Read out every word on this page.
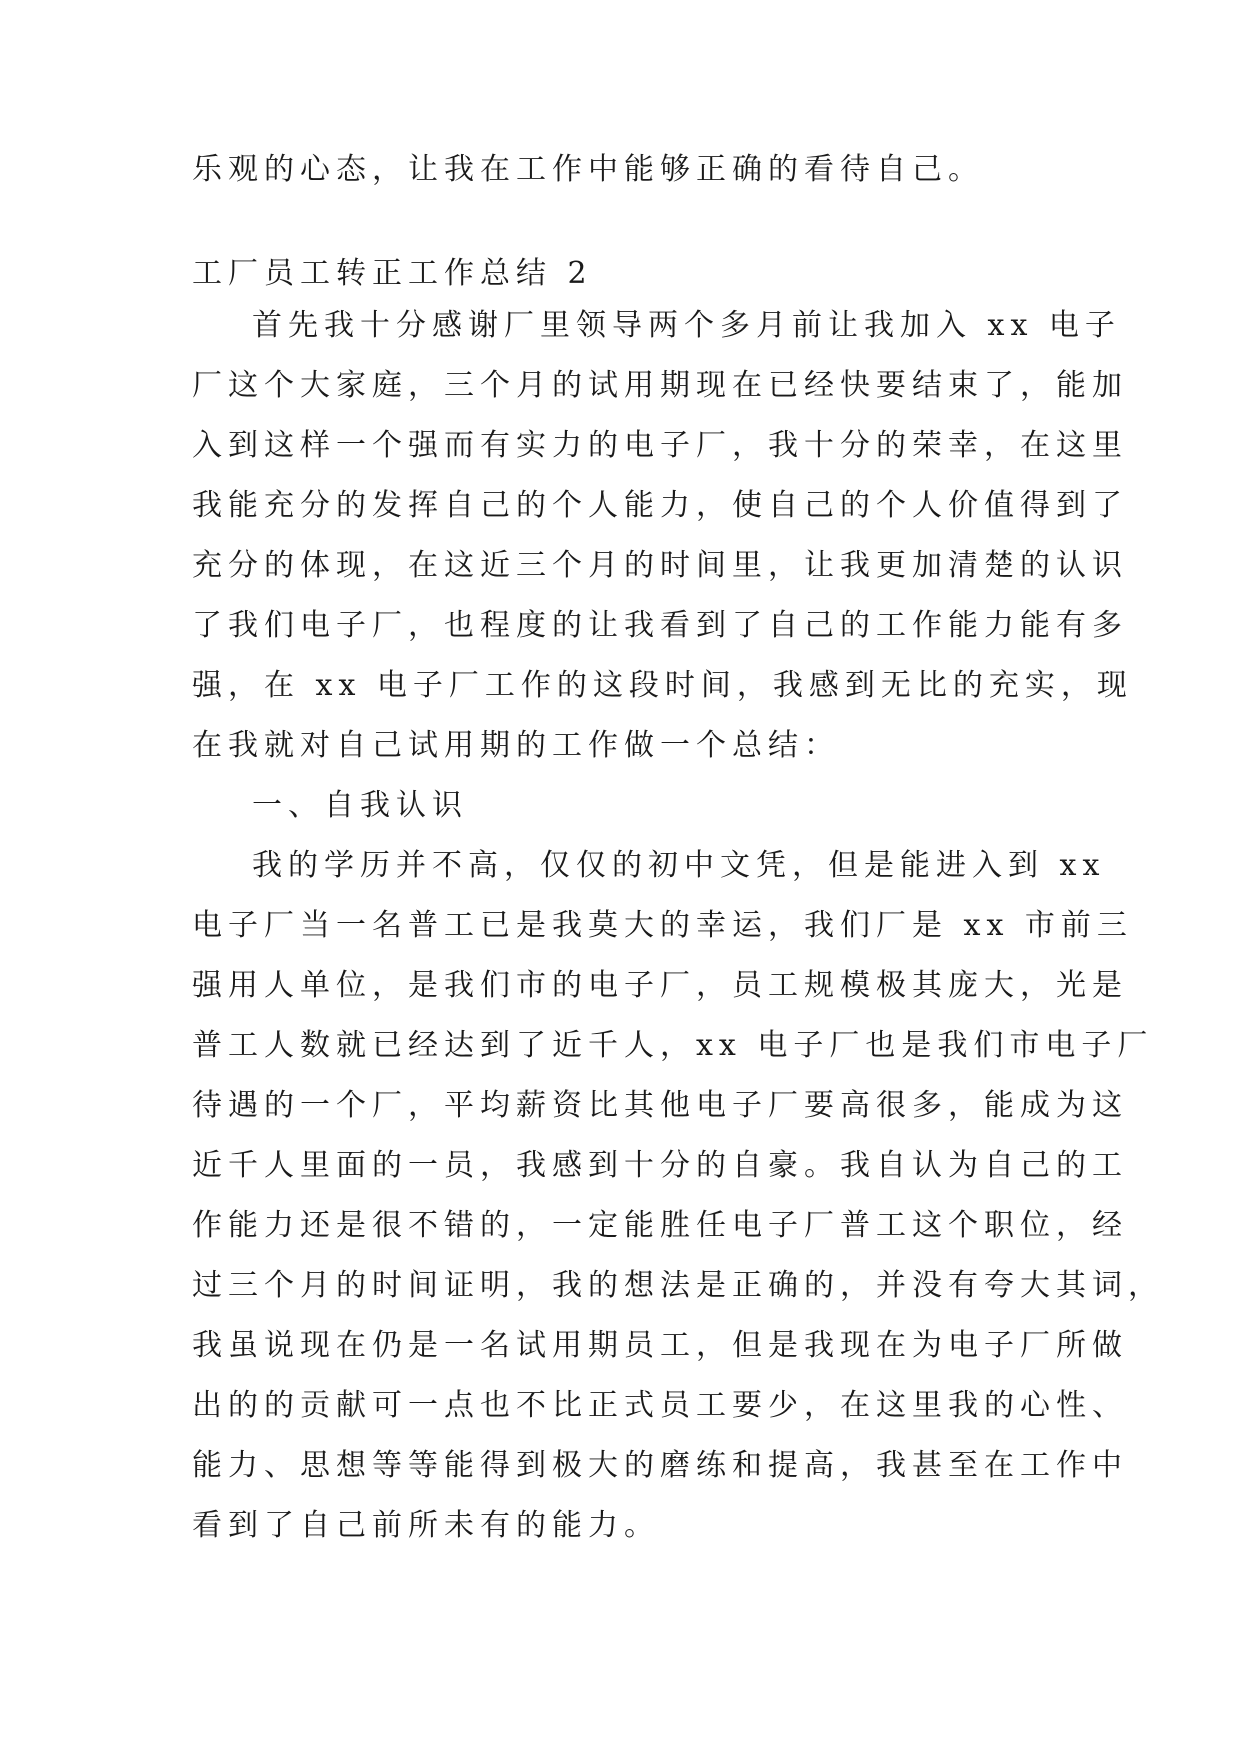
乐观的心态，让我在工作中能够正确的看待自己。
工厂员工转正工作总结 2
首先我十分感谢厂里领导两个多月前让我加入 xx 电子
厂这个大家庭，三个月的试用期现在已经快要结束了，能加
入到这样一个强而有实力的电子厂，我十分的荣幸，在这里
我能充分的发挥自己的个人能力，使自己的个人价值得到了
充分的体现，在这近三个月的时间里，让我更加清楚的认识
了我们电子厂，也程度的让我看到了自己的工作能力能有多
强，在 xx 电子厂工作的这段时间，我感到无比的充实，现
在我就对自己试用期的工作做一个总结：
一、自我认识
我的学历并不高，仅仅的初中文凭，但是能进入到 xx
电子厂当一名普工已是我莫大的幸运，我们厂是 xx 市前三
强用人单位，是我们市的电子厂，员工规模极其庞大，光是
普工人数就已经达到了近千人，xx 电子厂也是我们市电子厂
待遇的一个厂，平均薪资比其他电子厂要高很多，能成为这
近千人里面的一员，我感到十分的自豪。我自认为自己的工
作能力还是很不错的，一定能胜任电子厂普工这个职位，经
过三个月的时间证明，我的想法是正确的，并没有夸大其词，
我虽说现在仍是一名试用期员工，但是我现在为电子厂所做
出的的贡献可一点也不比正式员工要少，在这里我的心性、
能力、思想等等能得到极大的磨练和提高，我甚至在工作中
看到了自己前所未有的能力。
